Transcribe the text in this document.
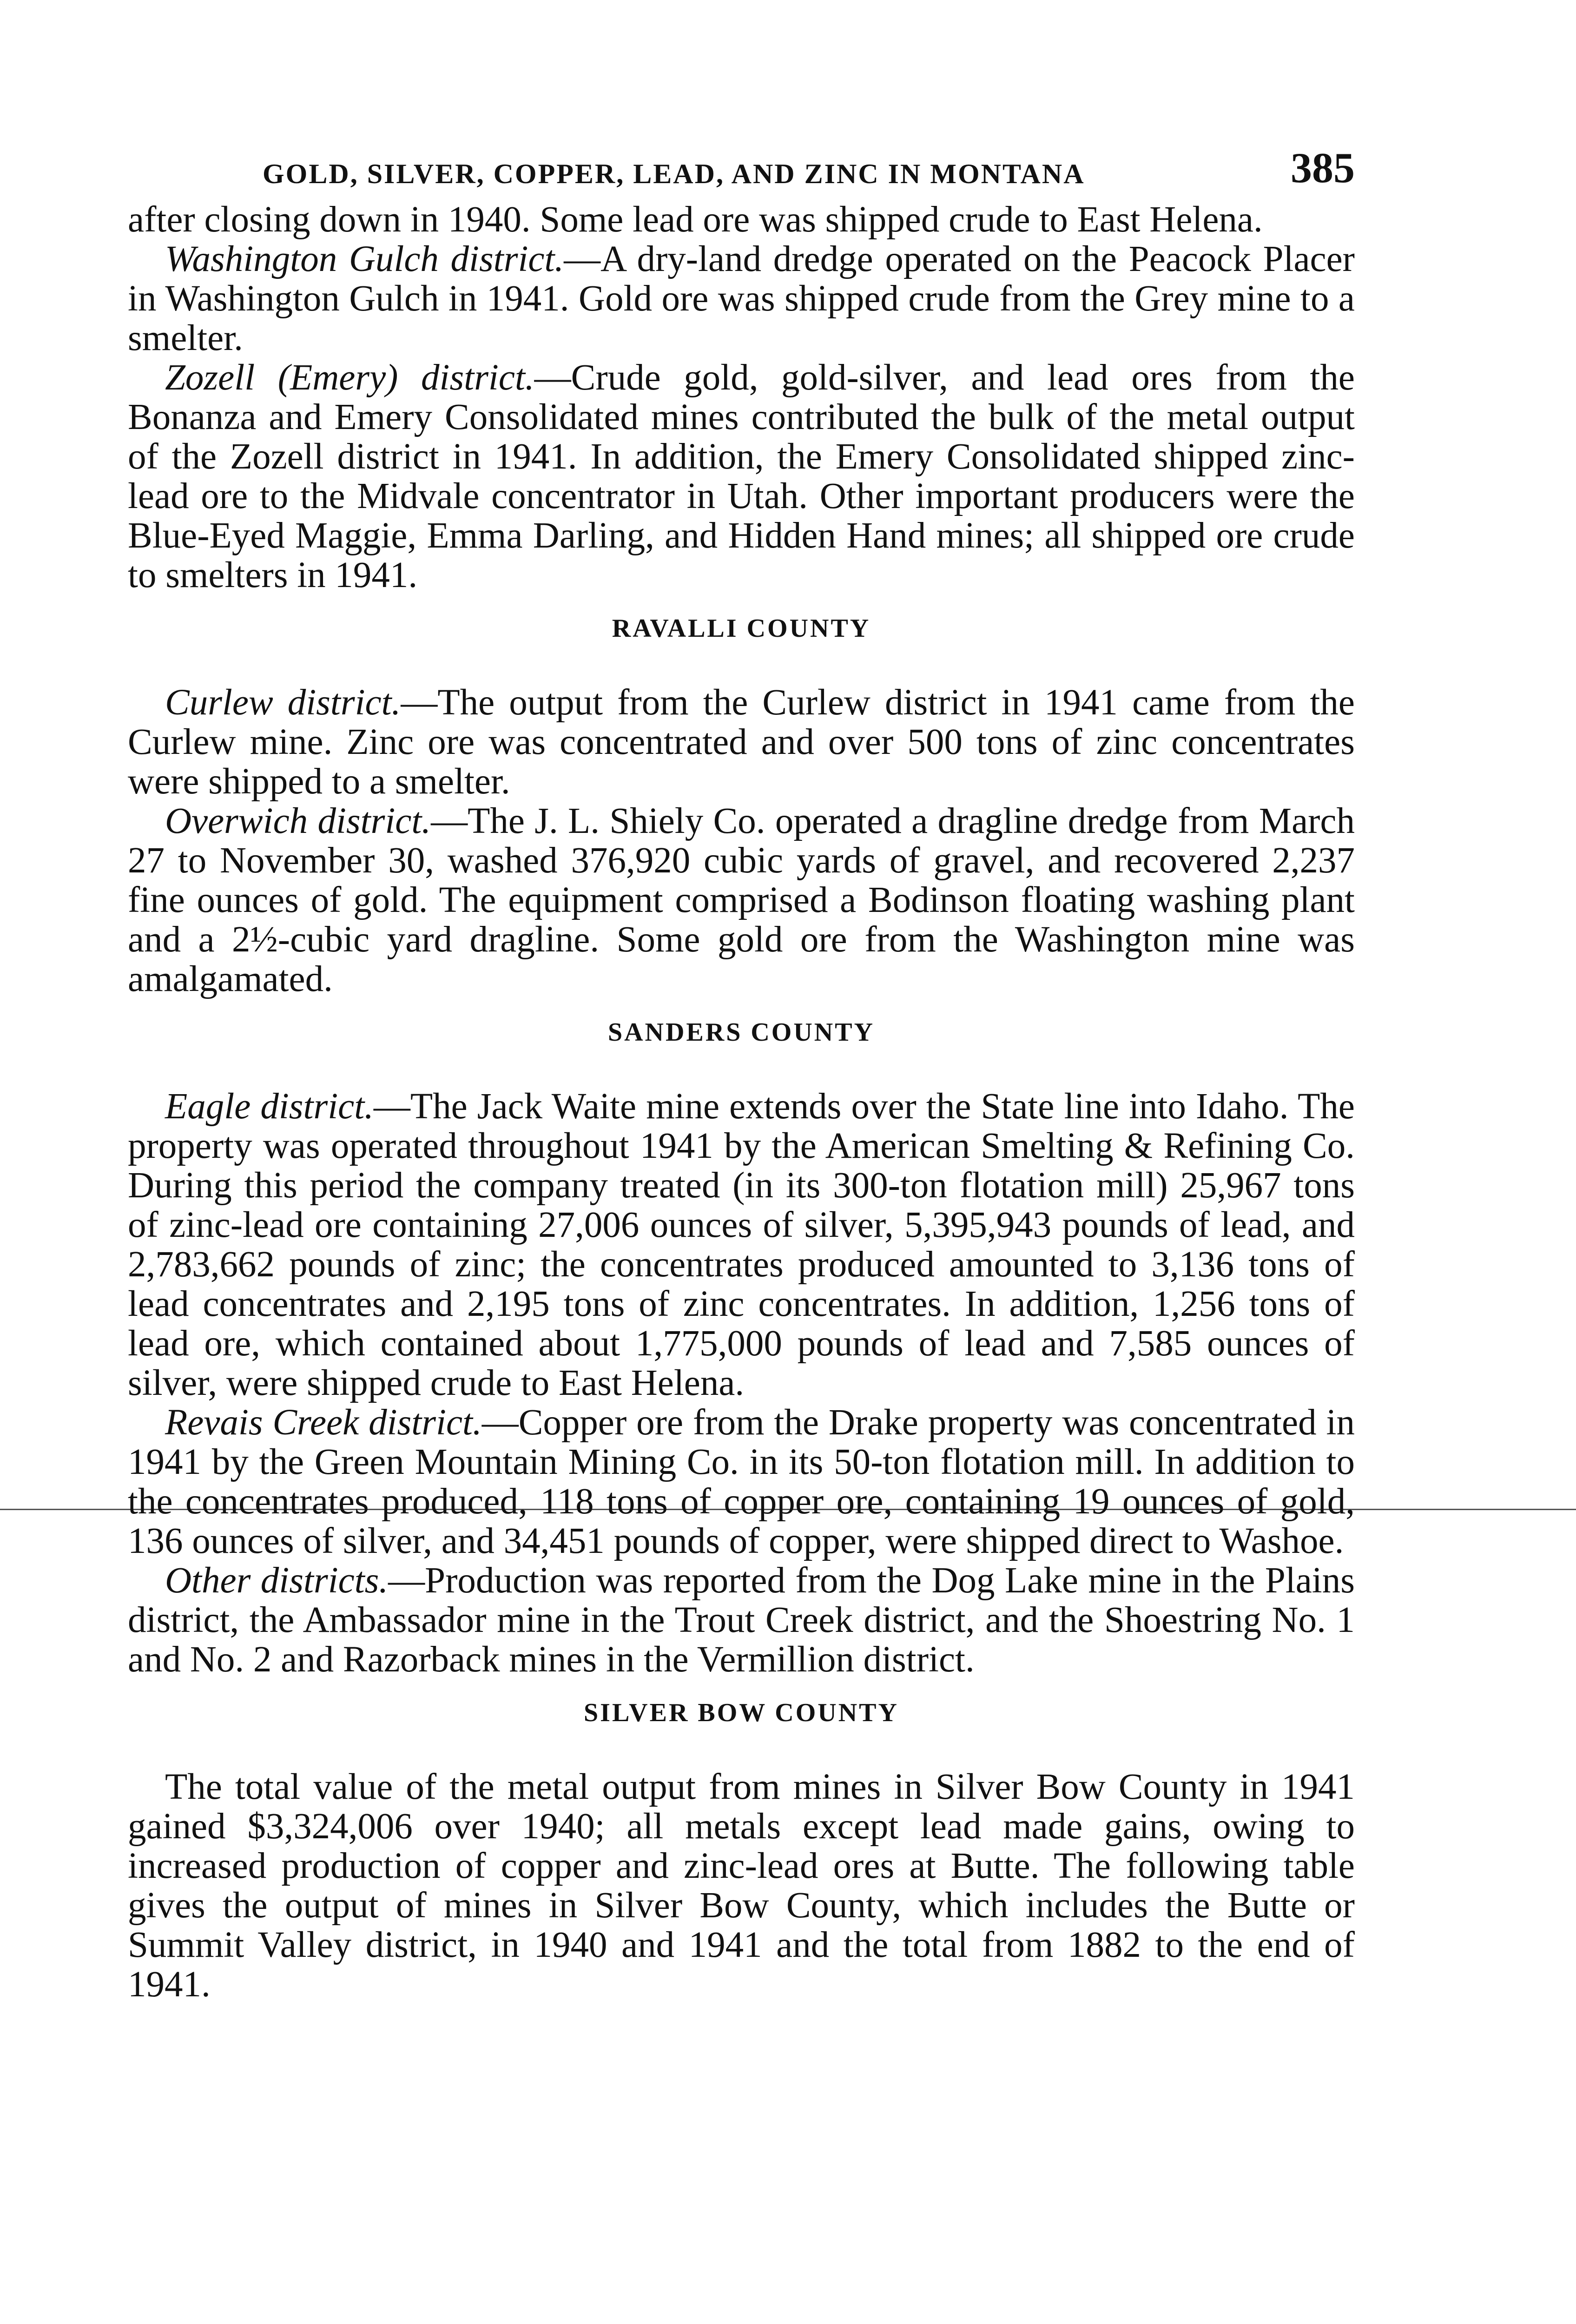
GOLD, SILVER, COPPER, LEAD, AND ZINC IN MONTANA	385

after closing down in 1940. Some lead ore was shipped crude to East Helena.

Washington Gulch district.—A dry-land dredge operated on the Peacock Placer in Washington Gulch in 1941. Gold ore was shipped crude from the Grey mine to a smelter.

Zozell (Emery) district.—Crude gold, gold-silver, and lead ores from the Bonanza and Emery Consolidated mines contributed the bulk of the metal output of the Zozell district in 1941. In addition, the Emery Consolidated shipped zinc-lead ore to the Midvale concentrator in Utah. Other important producers were the Blue-Eyed Maggie, Emma Darling, and Hidden Hand mines; all shipped ore crude to smelters in 1941.

RAVALLI COUNTY

Curlew district.—The output from the Curlew district in 1941 came from the Curlew mine. Zinc ore was concentrated and over 500 tons of zinc concentrates were shipped to a smelter.

Overwich district.—The J. L. Shiely Co. operated a dragline dredge from March 27 to November 30, washed 376,920 cubic yards of gravel, and recovered 2,237 fine ounces of gold. The equipment comprised a Bodinson floating washing plant and a 2½-cubic yard dragline. Some gold ore from the Washington mine was amalgamated.

SANDERS COUNTY

Eagle district.—The Jack Waite mine extends over the State line into Idaho. The property was operated throughout 1941 by the American Smelting & Refining Co. During this period the company treated (in its 300-ton flotation mill) 25,967 tons of zinc-lead ore containing 27,006 ounces of silver, 5,395,943 pounds of lead, and 2,783,662 pounds of zinc; the concentrates produced amounted to 3,136 tons of lead concentrates and 2,195 tons of zinc concentrates. In addition, 1,256 tons of lead ore, which contained about 1,775,000 pounds of lead and 7,585 ounces of silver, were shipped crude to East Helena.

Revais Creek district.—Copper ore from the Drake property was concentrated in 1941 by the Green Mountain Mining Co. in its 50-ton flotation mill. In addition to the concentrates produced, 118 tons of copper ore, containing 19 ounces of gold, 136 ounces of silver, and 34,451 pounds of copper, were shipped direct to Washoe.

Other districts.—Production was reported from the Dog Lake mine in the Plains district, the Ambassador mine in the Trout Creek district, and the Shoestring No. 1 and No. 2 and Razorback mines in the Vermillion district.

SILVER BOW COUNTY

The total value of the metal output from mines in Silver Bow County in 1941 gained $3,324,006 over 1940; all metals except lead made gains, owing to increased production of copper and zinc-lead ores at Butte. The following table gives the output of mines in Silver Bow County, which includes the Butte or Summit Valley district, in 1940 and 1941 and the total from 1882 to the end of 1941.
